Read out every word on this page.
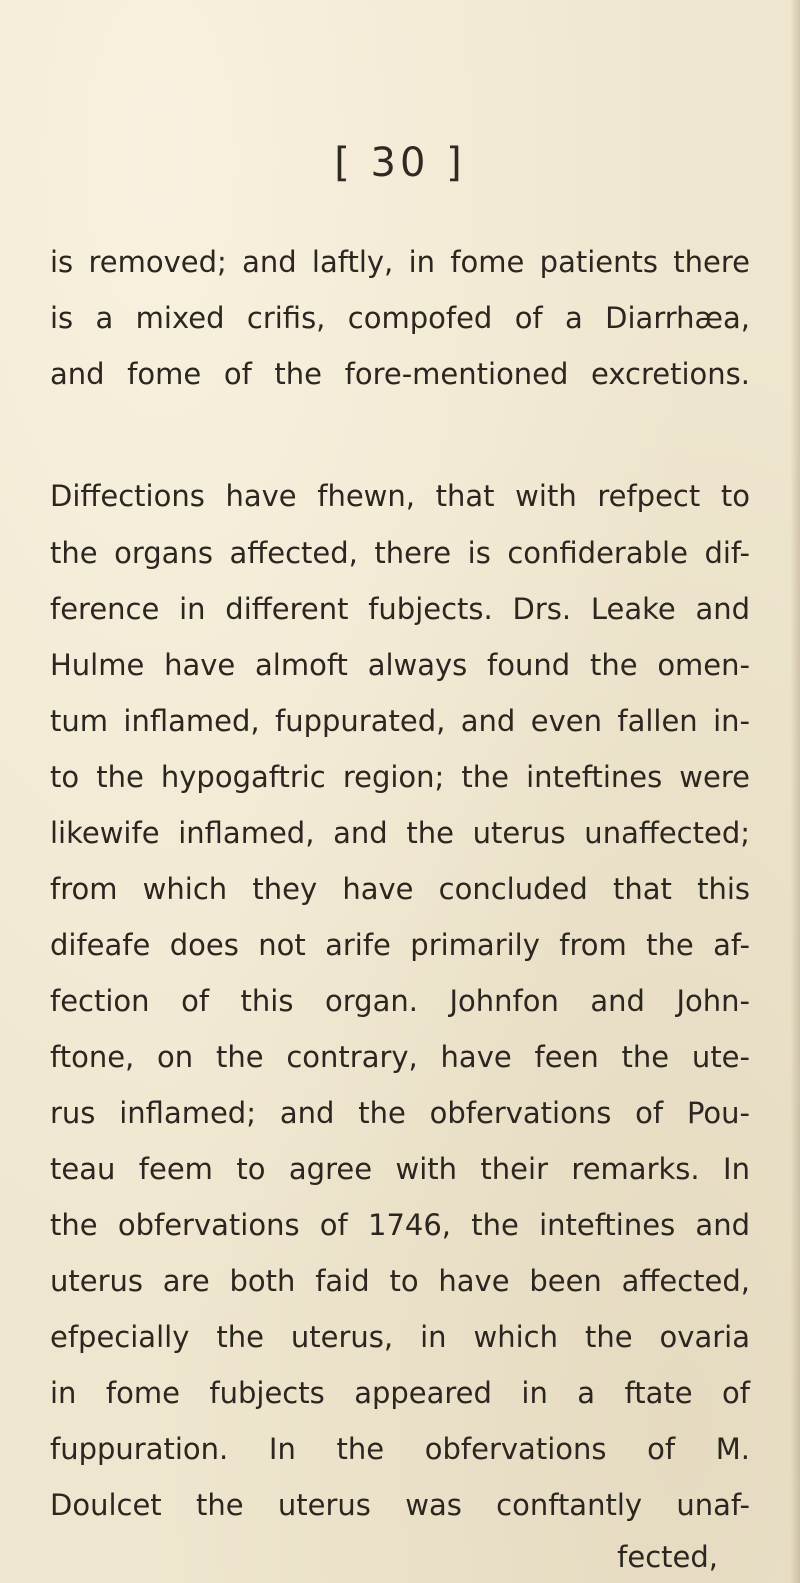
[ 30 ]

is removed; and laftly, in fome patients there

is a mixed crifis, compofed of a Diarrhæa,

and fome of the fore-mentioned excretions.

Diffections have fhewn, that with refpect to

the organs affected, there is confiderable dif-

ference in different fubjects. Drs. Leake and

Hulme have almoft always found the omen-

tum inflamed, fuppurated, and even fallen in-

to the hypogaftric region; the inteftines were

likewife inflamed, and the uterus unaffected;

from which they have concluded that this

difeafe does not arife primarily from the af-

fection of this organ. Johnfon and John-

ftone, on the contrary, have feen the ute-

rus inflamed; and the obfervations of Pou-

teau feem to agree with their remarks. In

the obfervations of 1746, the inteftines and

uterus are both faid to have been affected,

efpecially the uterus, in which the ovaria

in fome fubjects appeared in a ftate of

fuppuration. In the obfervations of M.

Doulcet the uterus was conftantly unaf-

fected,
